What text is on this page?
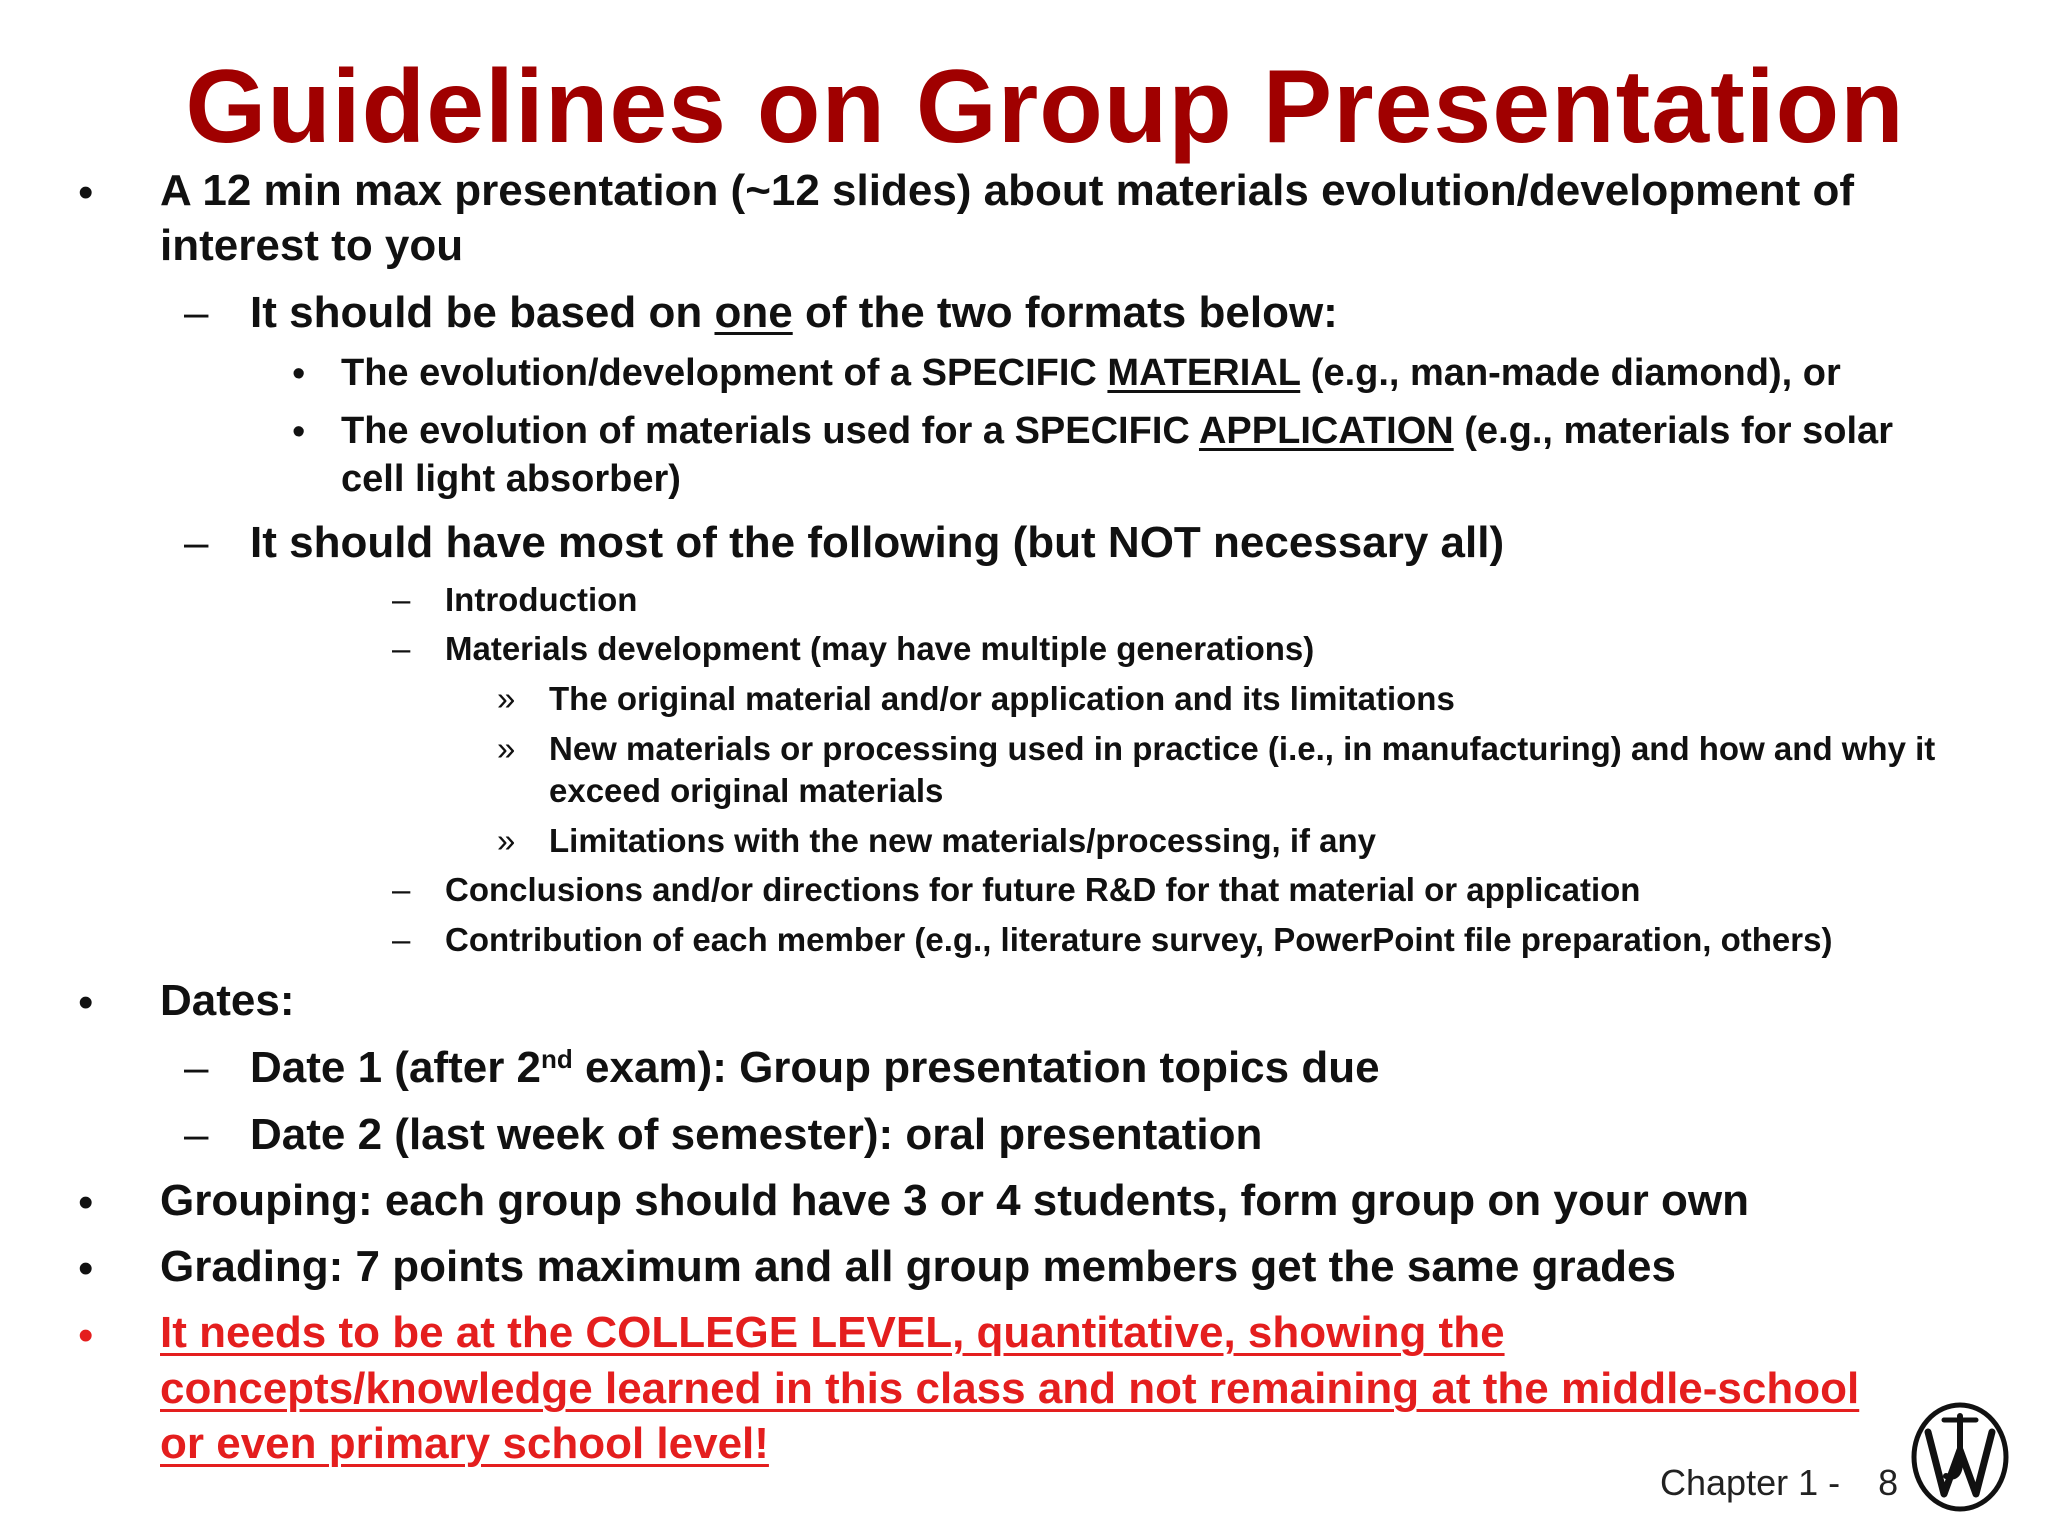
Guidelines on Group Presentation
• A 12 min max presentation (~12 slides) about materials evolution/development of
interest to you
– It should be based on one of the two formats below:
• The evolution/development of a SPECIFIC MATERIAL (e.g., man-made diamond), or
• The evolution of materials used for a SPECIFIC APPLICATION (e.g., materials for solar
cell light absorber)
– It should have most of the following (but NOT necessary all)
– Introduction
– Materials development (may have multiple generations)
» The original material and/or application and its limitations
» New materials or processing used in practice (i.e., in manufacturing) and how and why it
exceed original materials
» Limitations with the new materials/processing, if any
– Conclusions and/or directions for future R&D for that material or application
– Contribution of each member (e.g., literature survey, PowerPoint file preparation, others)
• Dates:
– Date 1 (after 2nd exam): Group presentation topics due
– Date 2 (last week of semester): oral presentation
• Grouping: each group should have 3 or 4 students, form group on your own
• Grading: 7 points maximum and all group members get the same grades
• It needs to be at the COLLEGE LEVEL, quantitative, showing the
concepts/knowledge learned in this class and not remaining at the middle-school
or even primary school level!
Chapter 1 - 8
